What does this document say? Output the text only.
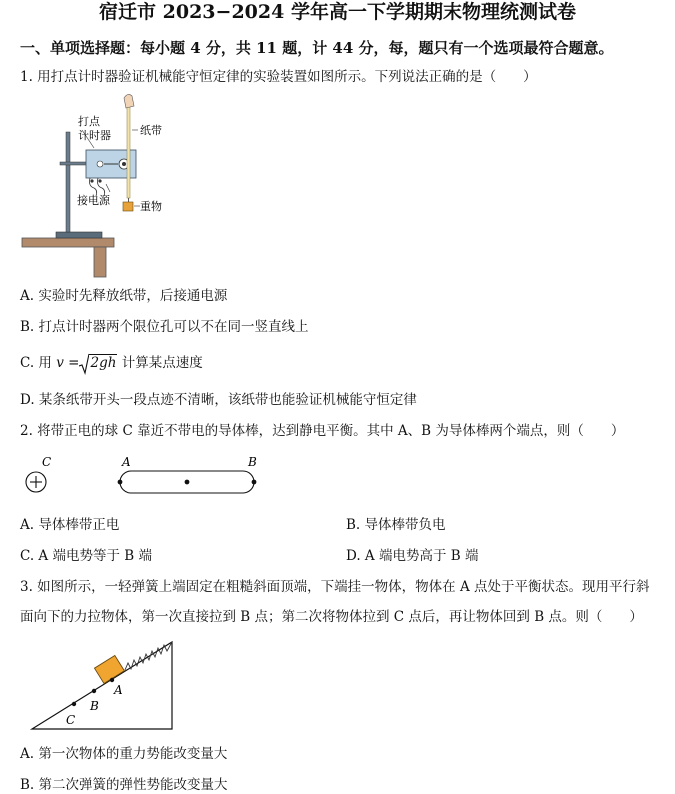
宿迁市 2023−2024 学年高一下学期期末物理统测试卷
一、单项选择题：每小题 4 分，共 11 题，计 44 分，每，题只有一个选项最符合题意。
1. 用打点计时器验证机械能守恒定律的实验装置如图所示。下列说法正确的是（　　）
打点
计时器	纸带
接电源	重物
A. 实验时先释放纸带，后接通电源
B. 打点计时器两个限位孔可以不在同一竖直线上
C. 用 v = 2gh 计算某点速度
D. 某条纸带开头一段点迹不清晰，该纸带也能验证机械能守恒定律
2. 将带正电的球 C 靠近不带电的导体棒，达到静电平衡。其中 A、B 为导体棒两个端点，则（　　）
C	A	B
A. 导体棒带正电	B. 导体棒带负电
C. A 端电势等于 B 端	D. A 端电势高于 B 端
3. 如图所示，一轻弹簧上端固定在粗糙斜面顶端，下端挂一物体，物体在 A 点处于平衡状态。现用平行斜
面向下的力拉物体，第一次直接拉到 B 点；第二次将物体拉到 C 点后，再让物体回到 B 点。则（　　）
A
B
C
A. 第一次物体的重力势能改变量大
B. 第二次弹簧的弹性势能改变量大
